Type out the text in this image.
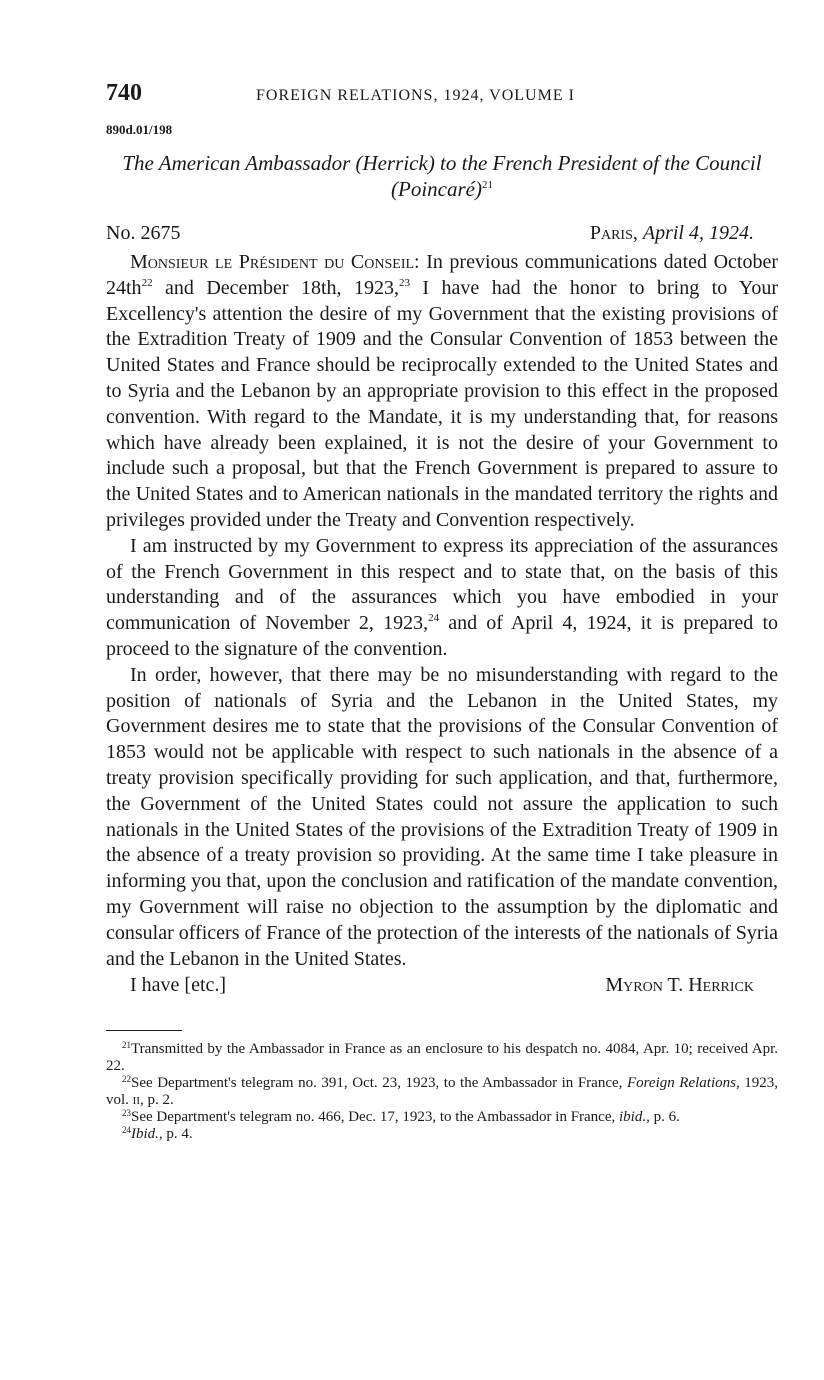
740	FOREIGN RELATIONS, 1924, VOLUME I
890d.01/198
The American Ambassador (Herrick) to the French President of the Council (Poincaré)$^{21}$
No. 2675	Paris, April 4, 1924.

Monsieur le Président du Conseil: In previous communications dated October $24th^{22}$ and December 18th, 1923,23 I have had the honor to bring to Your Excellency's attention the desire of my Government that the existing provisions of the Extradition Treaty of 1909 and the Consular Convention of 1853 between the United States and France should be reciprocally extended to the United States and to Syria and the Lebanon by an appropriate provision to this effect in the proposed convention. With regard to the Mandate, it is my understanding that, for reasons which have already been explained, it is not the desire of your Government to include such a proposal, but that the French Government is prepared to assure to the United States and to American nationals in the mandated territory the rights and privileges provided under the Treaty and Convention respectively.

I am instructed by my Government to express its appreciation of the assurances of the French Government in this respect and to state that, on the basis of this understanding and of the assurances which you have embodied in your communication of November 2, 1923,24 and of April 4, 1924, it is prepared to proceed to the signature of the convention.

In order, however, that there may be no misunderstanding with regard to the position of nationals of Syria and the Lebanon in the United States, my Government desires me to state that the provisions of the Consular Convention of 1853 would not be applicable with respect to such nationals in the absence of a treaty provision specifically providing for such application, and that, furthermore, the Government of the United States could not assure the application to such nationals in the United States of the provisions of the Extradition Treaty of 1909 in the absence of a treaty provision so providing. At the same time I take pleasure in informing you that, upon the conclusion and ratification of the mandate convention, my Government will raise no objection to the assumption by the diplomatic and consular officers of France of the protection of the interests of the nationals of Syria and the Lebanon in the United States.

I have [etc.]	Myron T. Herrick

$^{21}$Transmitted by the Ambassador in France as an enclosure to his despatch no. 4084, Apr. 10; received Apr. 22.

$^{22}$See Department's telegram no. 391, Oct. 23, 1923, to the Ambassador in France, Foreign Relations, 1923, vol. ii, p. 2.

$^{23}$See Department's telegram no. 466, Dec. 17, 1923, to the Ambassador in France, ibid., p. 6.

$^{24}$Ibid., p. 4.
